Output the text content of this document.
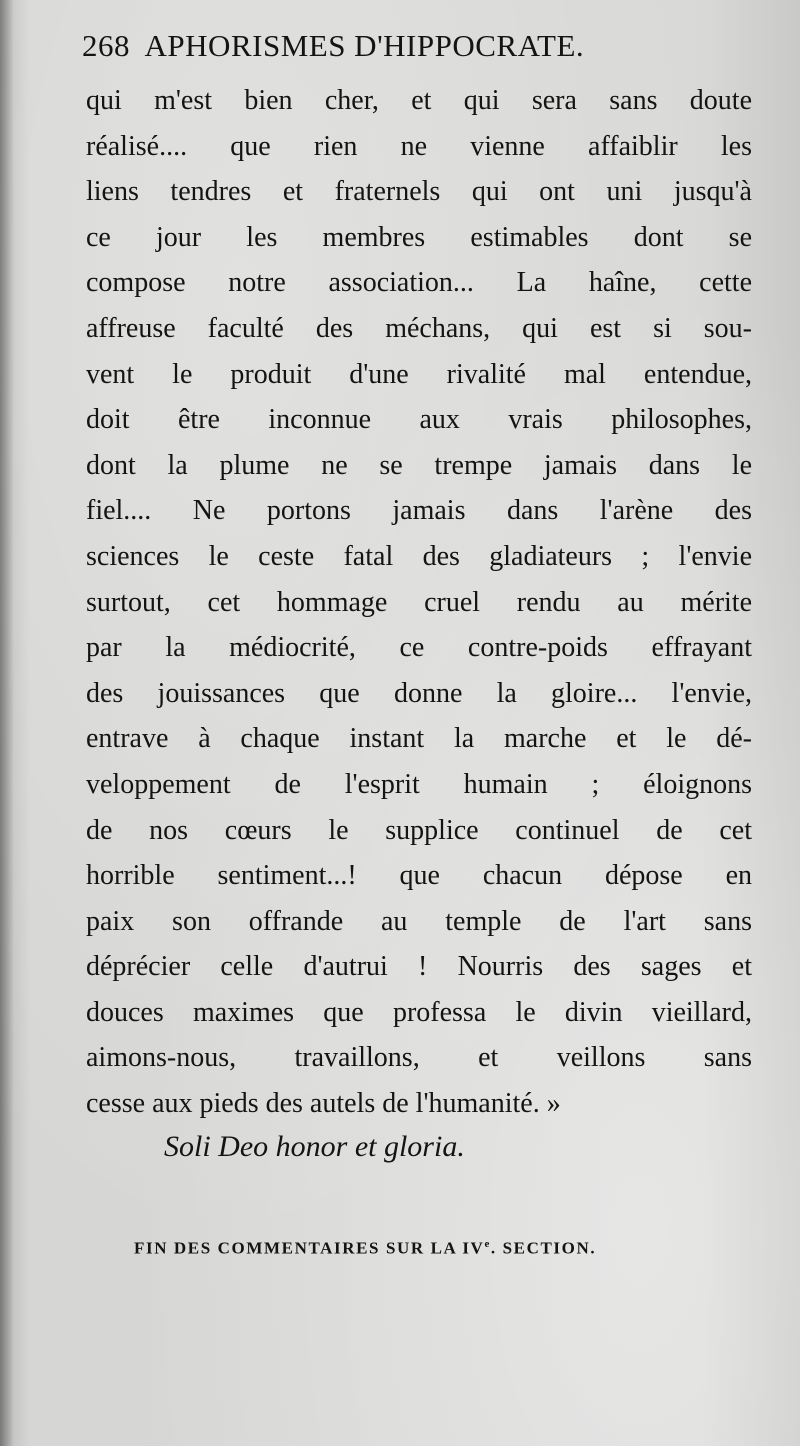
268 APHORISMES D'HIPPOCRATE.
qui m'est bien cher, et qui sera sans doute
réalisé.... que rien ne vienne affaiblir les
liens tendres et fraternels qui ont uni jusqu'à
ce jour les membres estimables dont se
compose notre association... La haîne, cette
affreuse faculté des méchans, qui est si sou-
vent le produit d'une rivalité mal entendue,
doit être inconnue aux vrais philosophes,
dont la plume ne se trempe jamais dans le
fiel.... Ne portons jamais dans l'arène des
sciences le ceste fatal des gladiateurs ; l'envie
surtout, cet hommage cruel rendu au mérite
par la médiocrité, ce contre-poids effrayant
des jouissances que donne la gloire... l'envie,
entrave à chaque instant la marche et le dé-
veloppement de l'esprit humain ; éloignons
de nos cœurs le supplice continuel de cet
horrible sentiment...! que chacun dépose en
paix son offrande au temple de l'art sans
déprécier celle d'autrui ! Nourris des sages et
douces maximes que professa le divin vieillard,
aimons-nous, travaillons, et veillons sans
cesse aux pieds des autels de l'humanité. »
Soli Deo honor et gloria.
FIN DES COMMENTAIRES SUR LA IVe. SECTION.
